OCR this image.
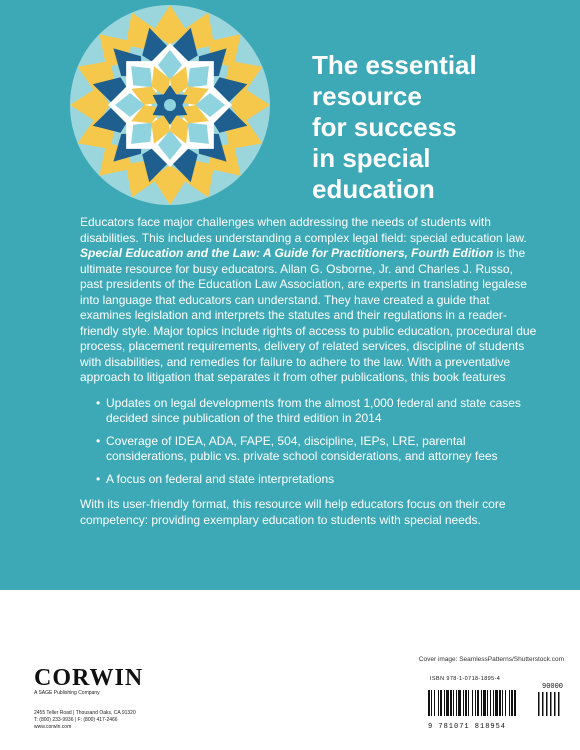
The essential
resource
for success
in special
education

Educators face major challenges when addressing the needs of students with disabilities. This includes understanding a complex legal field: special education law. Special Education and the Law: A Guide for Practitioners, Fourth Edition is the ultimate resource for busy educators. Allan G. Osborne, Jr. and Charles J. Russo, past presidents of the Education Law Association, are experts in translating legalese into language that educators can understand. They have created a guide that examines legislation and interprets the statutes and their regulations in a reader-friendly style. Major topics include rights of access to public education, procedural due process, placement requirements, delivery of related services, discipline of students with disabilities, and remedies for failure to adhere to the law. With a preventative approach to litigation that separates it from other publications, this book features

• Updates on legal developments from the almost 1,000 federal and state cases decided since publication of the third edition in 2014
• Coverage of IDEA, ADA, FAPE, 504, discipline, IEPs, LRE, parental considerations, public vs. private school considerations, and attorney fees
• A focus on federal and state interpretations

With its user-friendly format, this resource will help educators focus on their core competency: providing exemplary education to students with special needs.

Cover image: SeamlessPatterns/Shutterstock.com
CORWIN
A SAGE Publishing Company
2455 Teller Road | Thousand Oaks, CA 91320
T: (800) 233-9936 | F: (800) 417-2466
www.corwin.com
ISBN 978-1-0718-1895-4
90000
9 781071 818954
